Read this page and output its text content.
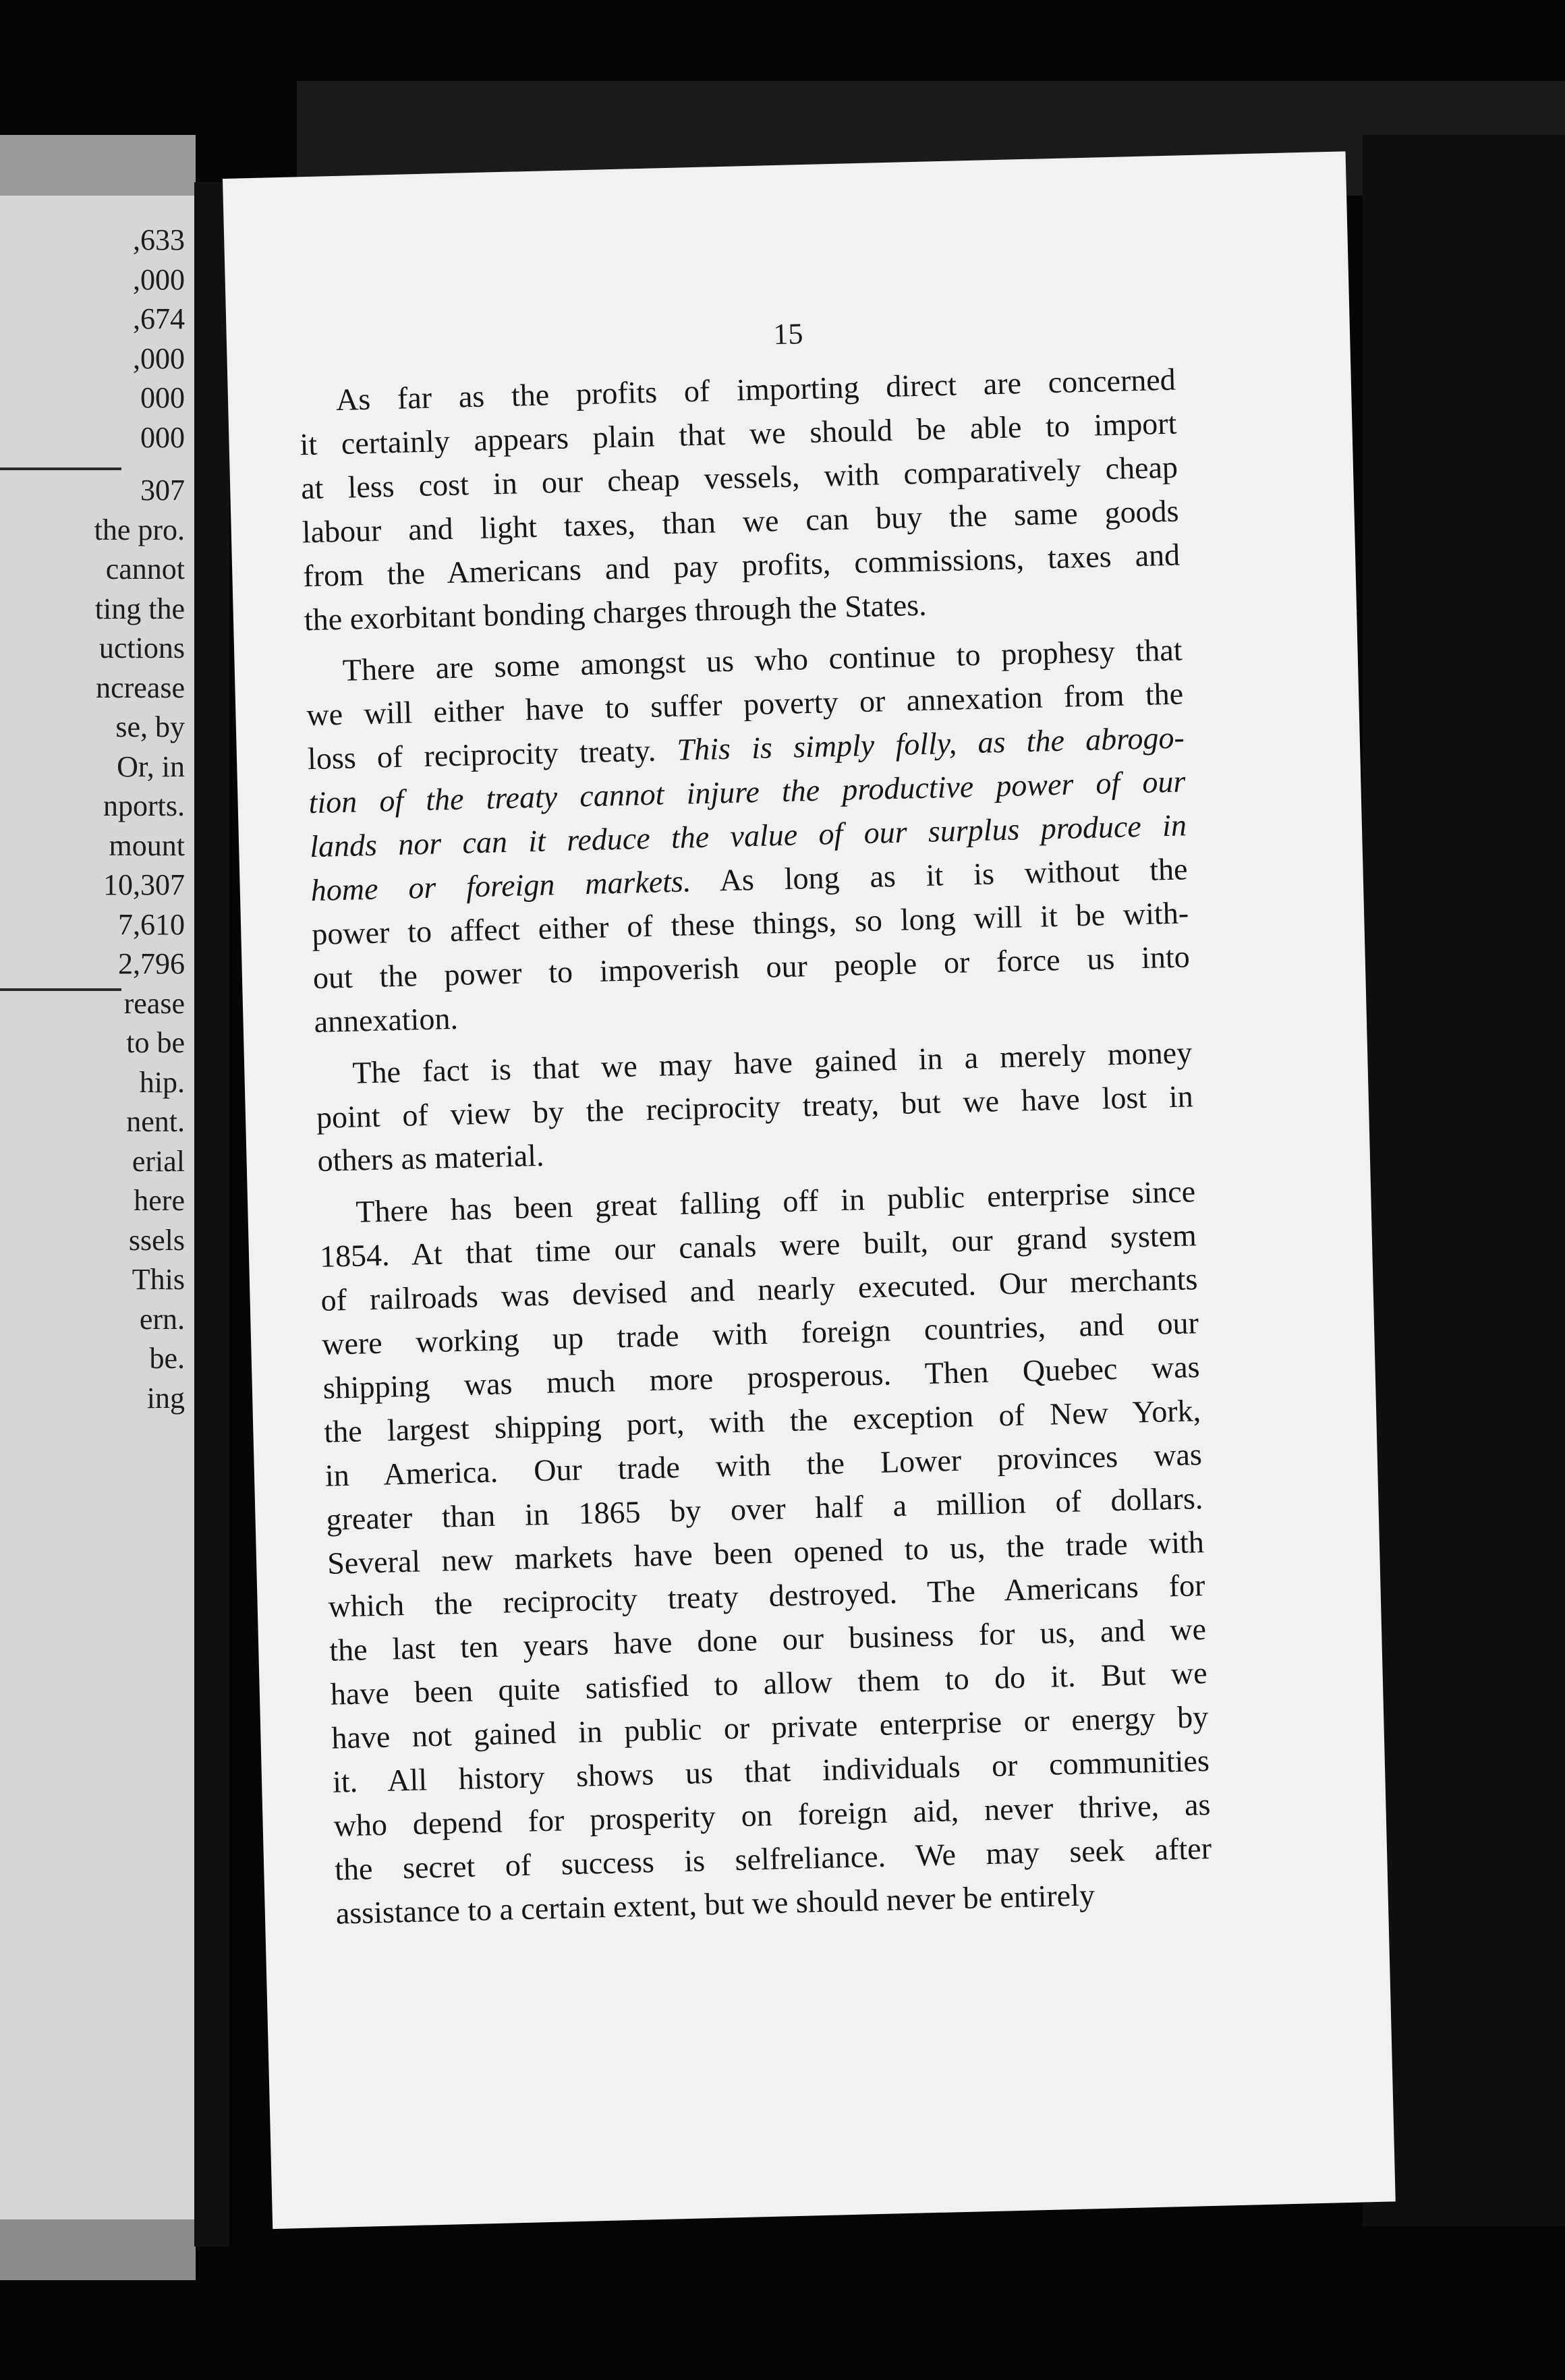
,633
,000
,674
,000
000
000
307
the pro.
cannot
ting the
uctions
ncrease
se, by
Or, in
nports.
mount
10,307
7,610
2,796
rease
to be
hip.
nent.
erial
here
ssels
This
ern.
be.
ing
15
As far as the profits of importing direct are concerned
it certainly appears plain that we should be able to import
at less cost in our cheap vessels, with comparatively cheap
labour and light taxes, than we can buy the same goods
from the Americans and pay profits, commissions, taxes and
the exorbitant bonding charges through the States.
There are some amongst us who continue to prophesy that
we will either have to suffer poverty or annexation from the
loss of reciprocity treaty. This is simply folly, as the abrogo-
tion of the treaty cannot injure the productive power of our
lands nor can it reduce the value of our surplus produce in
home or foreign markets. As long as it is without the
power to affect either of these things, so long will it be with-
out the power to impoverish our people or force us into
annexation.
The fact is that we may have gained in a merely money
point of view by the reciprocity treaty, but we have lost in
others as material.
There has been great falling off in public enterprise since
1854. At that time our canals were built, our grand system
of railroads was devised and nearly executed. Our merchants
were working up trade with foreign countries, and our
shipping was much more prosperous. Then Quebec was
the largest shipping port, with the exception of New York,
in America. Our trade with the Lower provinces was
greater than in 1865 by over half a million of dollars.
Several new markets have been opened to us, the trade with
which the reciprocity treaty destroyed. The Americans for
the last ten years have done our business for us, and we
have been quite satisfied to allow them to do it. But we
have not gained in public or private enterprise or energy by
it. All history shows us that individuals or communities
who depend for prosperity on foreign aid, never thrive, as
the secret of success is selfreliance. We may seek after
assistance to a certain extent, but we should never be entirely
